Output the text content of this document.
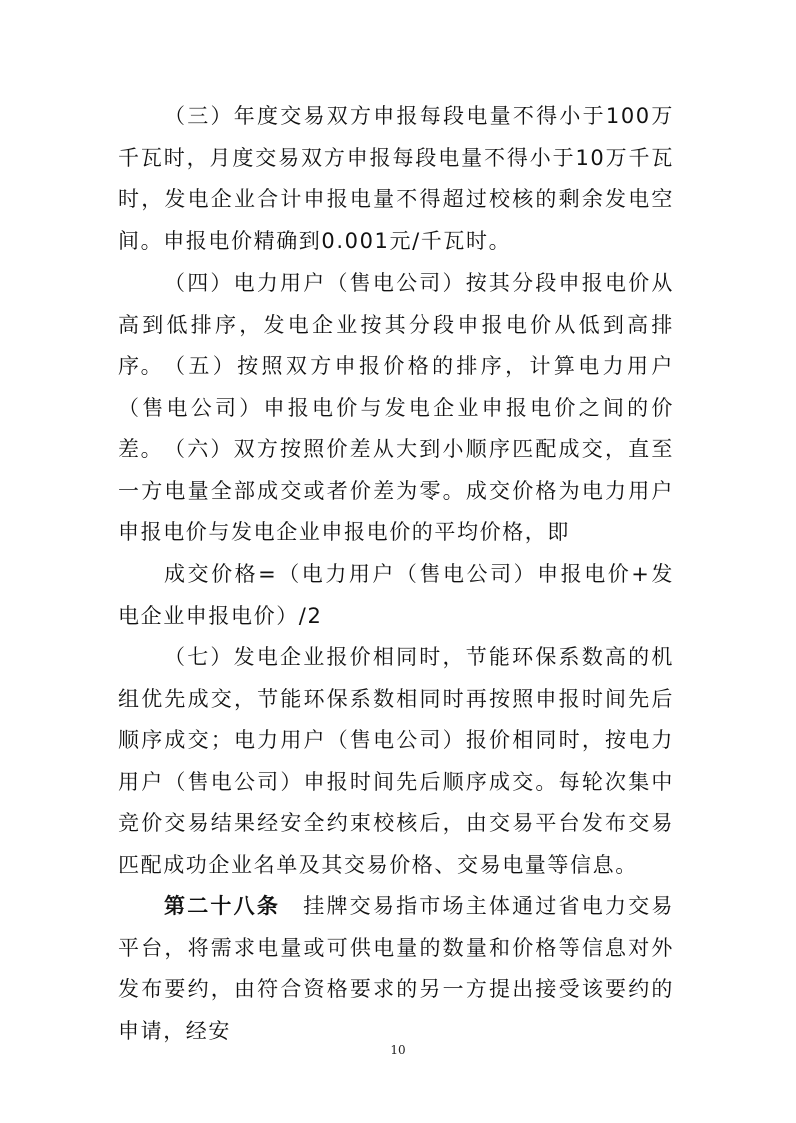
（三）年度交易双方申报每段电量不得小于100万千瓦时，月度交易双方申报每段电量不得小于10万千瓦时，发电企业合计申报电量不得超过校核的剩余发电空间。申报电价精确到0.001元/千瓦时。

（四）电力用户（售电公司）按其分段申报电价从高到低排序，发电企业按其分段申报电价从低到高排序。 （五）按照双方申报价格的排序，计算电力用户（售电公司）申报电价与发电企业申报电价之间的价差。 （六）双方按照价差从大到小顺序匹配成交，直至一方电量全部成交或者价差为零。成交价格为电力用户申报电价与发电企业申报电价的平均价格，即

成交价格=（电力用户（售电公司）申报电价+发电企业申报电价）/2

（七）发电企业报价相同时，节能环保系数高的机组优先成交，节能环保系数相同时再按照申报时间先后顺序成交；电力用户（售电公司）报价相同时，按电力用户（售电公司）申报时间先后顺序成交。每轮次集中竞价交易结果经安全约束校核后，由交易平台发布交易匹配成功企业名单及其交易价格、交易电量等信息。

第二十八条　 挂牌交易指市场主体通过省电力交易平台，将需求电量或可供电量的数量和价格等信息对外发布要约，由符合资格要求的另一方提出接受该要约的申请，经安

10
